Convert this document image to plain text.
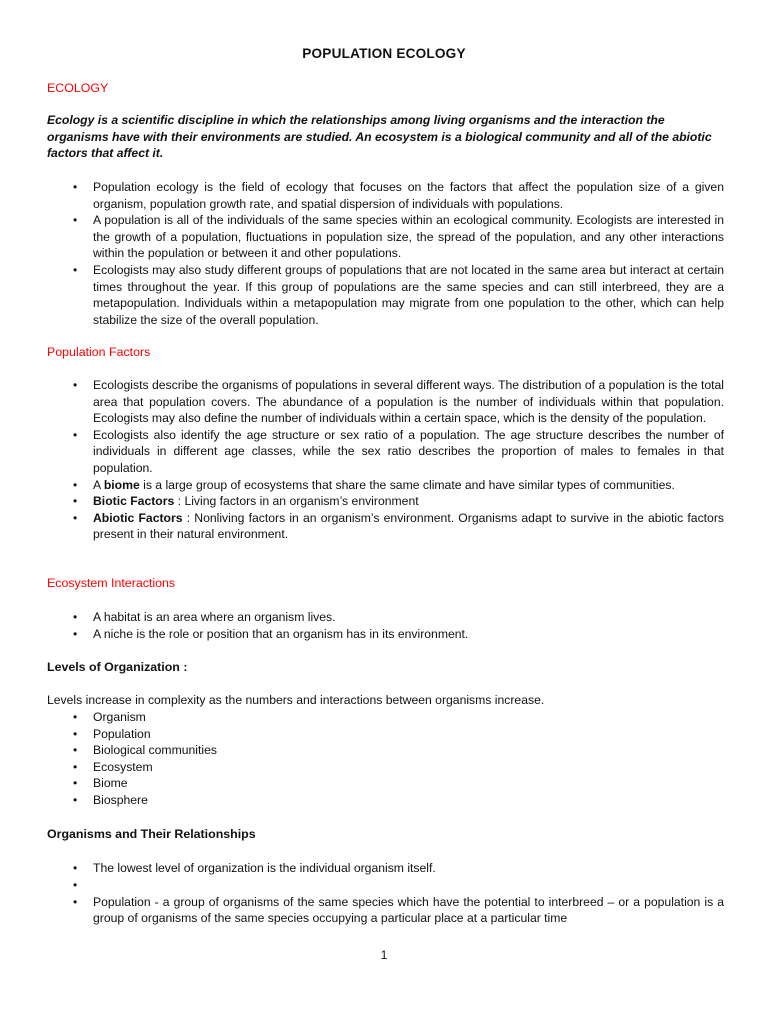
POPULATION ECOLOGY
ECOLOGY

Ecology is a scientific discipline in which the relationships among living organisms and the interaction the organisms have with their environments are studied. An ecosystem is a biological community and all of the abiotic factors that affect it.

• Population ecology is the field of ecology that focuses on the factors that affect the population size of a given organism, population growth rate, and spatial dispersion of individuals with populations.
• A population is all of the individuals of the same species within an ecological community. Ecologists are interested in the growth of a population, fluctuations in population size, the spread of the population, and any other interactions within the population or between it and other populations.
• Ecologists may also study different groups of populations that are not located in the same area but interact at certain times throughout the year. If this group of populations are the same species and can still interbreed, they are a metapopulation. Individuals within a metapopulation may migrate from one population to the other, which can help stabilize the size of the overall population.
Population Factors
• Ecologists describe the organisms of populations in several different ways. The distribution of a population is the total area that population covers. The abundance of a population is the number of individuals within that population. Ecologists may also define the number of individuals within a certain space, which is the density of the population.
• Ecologists also identify the age structure or sex ratio of a population. The age structure describes the number of individuals in different age classes, while the sex ratio describes the proportion of males to females in that population.
• A biome is a large group of ecosystems that share the same climate and have similar types of communities.
• Biotic Factors : Living factors in an organism’s environment
• Abiotic Factors : Nonliving factors in an organism’s environment. Organisms adapt to survive in the abiotic factors present in their natural environment.
Ecosystem Interactions
• A habitat is an area where an organism lives.
• A niche is the role or position that an organism has in its environment.
Levels of Organization :

Levels increase in complexity as the numbers and interactions between organisms increase.

• Organism
• Population
• Biological communities
• Ecosystem
• Biome
• Biosphere
Organisms and Their Relationships
• The lowest level of organization is the individual organism itself.
•
• Population - a group of organisms of the same species which have the potential to interbreed – or a population is a group of organisms of the same species occupying a particular place at a particular time
1
